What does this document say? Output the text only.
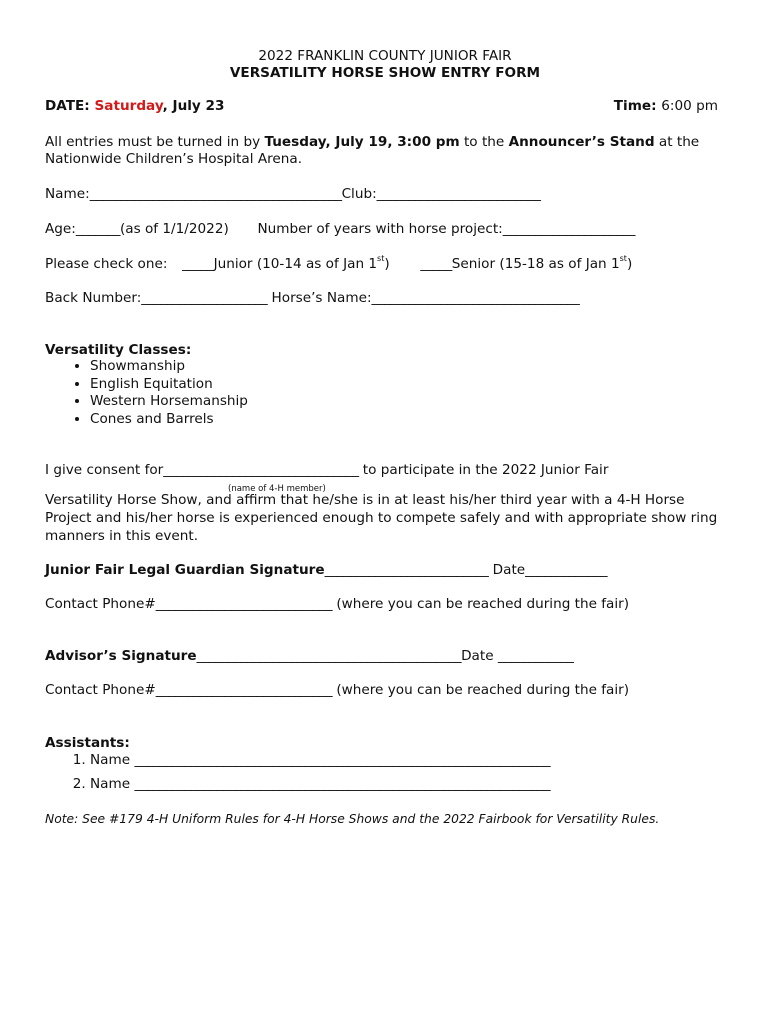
2022 FRANKLIN COUNTY JUNIOR FAIR
VERSATILITY HORSE SHOW ENTRY FORM
DATE: Saturday, July 23	Time: 6:00 pm
All entries must be turned in by Tuesday, July 19, 3:00 pm to the Announcer’s Stand at the
Nationwide Children’s Hospital Arena.
Name:________________________________________Club:__________________________
Age:_______(as of 1/1/2022) Number of years with horse project:_____________________
Please check one: _____Junior (10-14 as of Jan 1st) _____Senior (15-18 as of Jan 1st)
Back Number:____________________ Horse’s Name:_________________________________
Versatility Classes:
• Showmanship
• English Equitation
• Western Horsemanship
• Cones and Barrels
I give consent for_______________________________ to participate in the 2022 Junior Fair
(name of 4-H member)
Versatility Horse Show, and affirm that he/she is in at least his/her third year with a 4-H Horse Project and his/her horse is experienced enough to compete safely and with appropriate show ring manners in this event.
Junior Fair Legal Guardian Signature__________________________ Date_____________
Contact Phone#____________________________ (where you can be reached during the fair)
Advisor’s Signature__________________________________________Date ____________
Contact Phone#____________________________ (where you can be reached during the fair)
Assistants:
1. Name __________________________________________________________________
2. Name __________________________________________________________________
Note: See #179 4-H Uniform Rules for 4-H Horse Shows and the 2022 Fairbook for Versatility Rules.
